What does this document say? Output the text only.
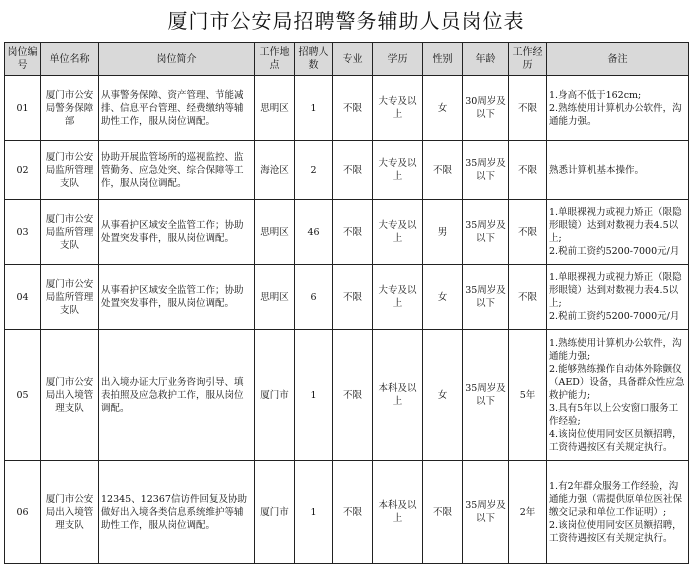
厦门市公安局招聘警务辅助人员岗位表
岗位编号	单位名称	岗位简介	工作地点	招聘人数	专业	学历	性别	年龄	工作经历	备注
01	厦门市公安局警务保障部	从事警务保障、资产管理、节能减排、信息平台管理、经费缴纳等辅助性工作，服从岗位调配。	思明区	1	不限	大专及以上	女	30周岁及以下	不限	1.身高不低于162cm;
2.熟练使用计算机办公软件，沟通能力强。
02	厦门市公安局监所管理支队	协助开展监管场所的巡视监控、监管勤务、应急处突、综合保障等工作，服从岗位调配。	海沧区	2	不限	大专及以上	不限	35周岁及以下	不限	熟悉计算机基本操作。
03	厦门市公安局监所管理支队	从事看护区域安全监管工作；协助处置突发事件，服从岗位调配。	思明区	46	不限	大专及以上	男	35周岁及以下	不限	1.单眼裸视力或视力矫正（限隐形眼镜）达到对数视力表4.5以上;
2.税前工资约5200-7000元/月
04	厦门市公安局监所管理支队	从事看护区域安全监管工作；协助处置突发事件，服从岗位调配。	思明区	6	不限	大专及以上	女	35周岁及以下	不限	1.单眼裸视力或视力矫正（限隐形眼镜）达到对数视力表4.5以上;
2.税前工资约5200-7000元/月
05	厦门市公安局出入境管理支队	出入境办证大厅业务咨询引导、填表拍照及应急救护工作，服从岗位调配。	厦门市	1	不限	本科及以上	女	35周岁及以下	5年	1.熟练使用计算机办公软件，沟通能力强;
2.能够熟练操作自动体外除颤仪（AED）设备，具备群众性应急救护能力;
3.具有5年以上公安窗口服务工作经验;
4.该岗位使用同安区员额招聘，工资待遇按区有关规定执行。
06	厦门市公安局出入境管理支队	12345、12367信访件回复及协助做好出入境各类信息系统维护等辅助性工作，服从岗位调配。	厦门市	1	不限	本科及以上	不限	35周岁及以下	2年	1.有2年群众服务工作经验，沟通能力强（需提供原单位医社保缴交记录和单位工作证明）;
2.该岗位使用同安区员额招聘，工资待遇按区有关规定执行。
